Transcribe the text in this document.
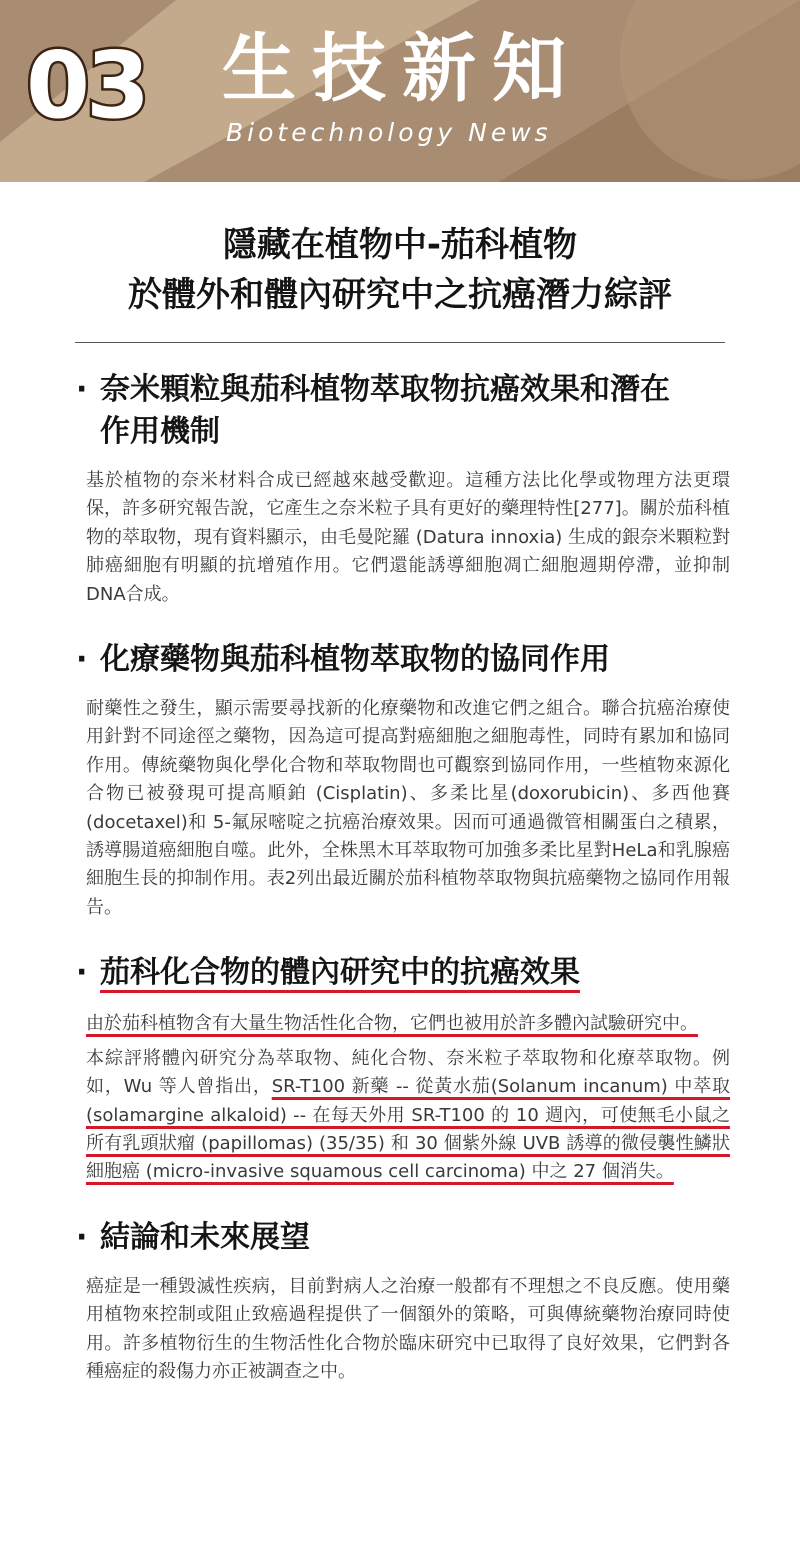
03 生技新知
Biotechnology News
隱藏在植物中-茄科植物
於體外和體內研究中之抗癌潛力綜評
· 奈米顆粒與茄科植物萃取物抗癌效果和潛在作用機制
基於植物的奈米材料合成已經越來越受歡迎。這種方法比化學或物理方法更環保，許多研究報告說，它產生之奈米粒子具有更好的藥理特性[277]。關於茄科植物的萃取物，現有資料顯示，由毛曼陀羅 (Datura innoxia) 生成的銀奈米顆粒對肺癌細胞有明顯的抗增殖作用。它們還能誘導細胞凋亡細胞週期停滯，並抑制DNA合成。
· 化療藥物與茄科植物萃取物的協同作用
耐藥性之發生，顯示需要尋找新的化療藥物和改進它們之組合。聯合抗癌治療使用針對不同途徑之藥物，因為這可提高對癌細胞之細胞毒性，同時有累加和協同作用。傳統藥物與化學化合物和萃取物間也可觀察到協同作用，一些植物來源化合物已被發現可提高順鉑 (Cisplatin)、多柔比星(doxorubicin)、多西他賽(docetaxel)和 5-氟尿嘧啶之抗癌治療效果。因而可通過微管相關蛋白之積累，誘導腸道癌細胞自噬。此外，全株黑木耳萃取物可加強多柔比星對HeLa和乳腺癌細胞生長的抑制作用。表2列出最近關於茄科植物萃取物與抗癌藥物之協同作用報告。
· 茄科化合物的體內研究中的抗癌效果
由於茄科植物含有大量生物活性化合物，它們也被用於許多體內試驗研究中。
本綜評將體內研究分為萃取物、純化合物、奈米粒子萃取物和化療萃取物。例如，Wu 等人曾指出，SR-T100 新藥 -- 從黃水茄(Solanum incanum) 中萃取 (solamargine alkaloid) -- 在每天外用 SR-T100 的 10 週內，可使無毛小鼠之所有乳頭狀瘤 (papillomas) (35/35) 和 30 個紫外線 UVB 誘導的微侵襲性鱗狀細胞癌 (micro-invasive squamous cell carcinoma) 中之 27 個消失。
· 結論和未來展望
癌症是一種毀滅性疾病，目前對病人之治療一般都有不理想之不良反應。使用藥用植物來控制或阻止致癌過程提供了一個額外的策略，可與傳統藥物治療同時使用。許多植物衍生的生物活性化合物於臨床研究中已取得了良好效果，它們對各種癌症的殺傷力亦正被調查之中。
